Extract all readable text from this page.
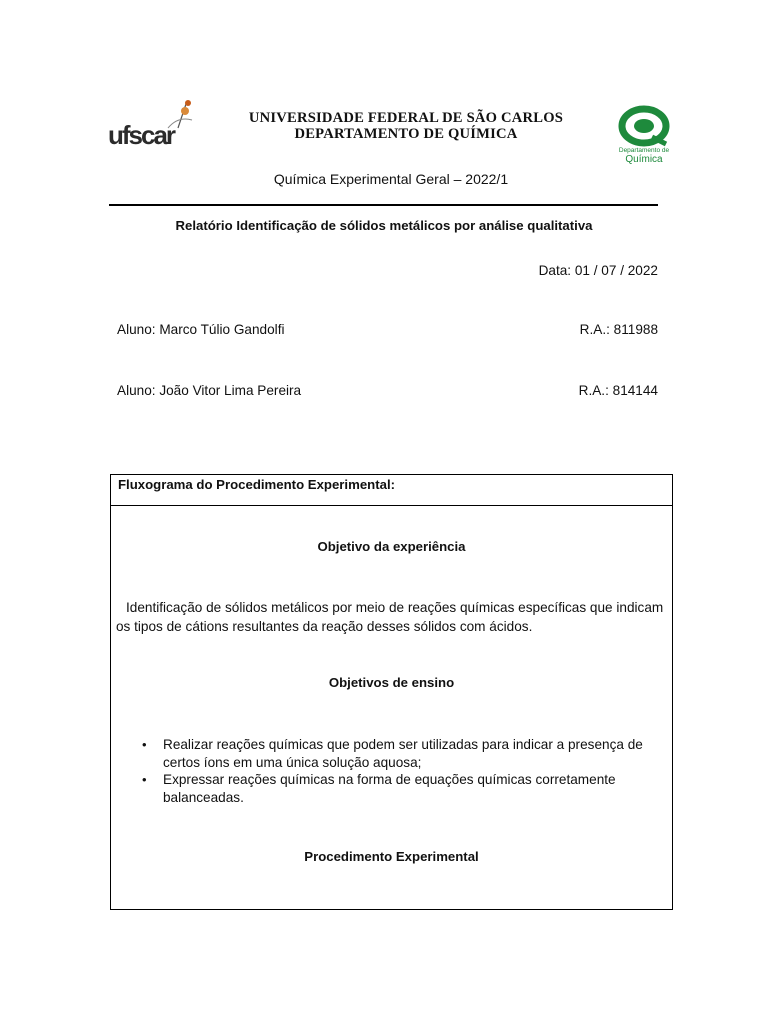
ufscar
UNIVERSIDADE FEDERAL DE SÃO CARLOS
DEPARTAMENTO DE QUÍMICA
Departamento de
Química
Química Experimental Geral – 2022/1
Relatório Identificação de sólidos metálicos por análise qualitativa
Data: 01 / 07 / 2022
Aluno: Marco Túlio Gandolfi	R.A.: 811988
Aluno: João Vitor Lima Pereira	R.A.: 814144
Fluxograma do Procedimento Experimental:
Objetivo da experiência
Identificação de sólidos metálicos por meio de reações químicas específicas que indicam os tipos de cátions resultantes da reação desses sólidos com ácidos.
Objetivos de ensino
• Realizar reações químicas que podem ser utilizadas para indicar a presença de certos íons em uma única solução aquosa;
• Expressar reações químicas na forma de equações químicas corretamente balanceadas.
Procedimento Experimental
